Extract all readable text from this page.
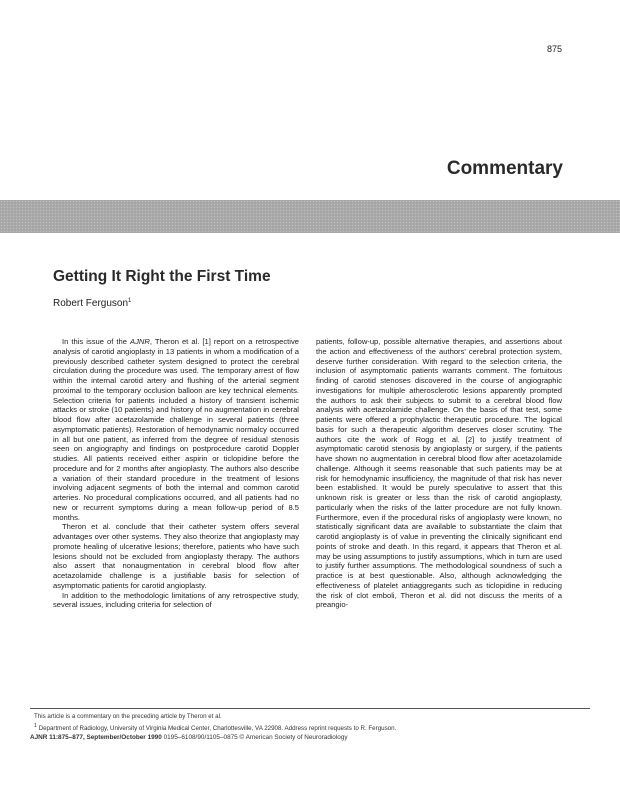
875
Commentary
Getting It Right the First Time
Robert Ferguson$^1$

In this issue of the AJNR, Theron et al. [1] report on a retrospective analysis of carotid angioplasty in 13 patients in whom a modification of a previously described catheter system designed to protect the cerebral circulation during the procedure was used. The temporary arrest of flow within the internal carotid artery and flushing of the arterial segment proximal to the temporary occlusion balloon are key technical elements. Selection criteria for patients included a history of transient ischemic attacks or stroke (10 patients) and history of no augmentation in cerebral blood flow after acetazolamide challenge in several patients (three asymptomatic patients). Restoration of hemodynamic normalcy occurred in all but one patient, as inferred from the degree of residual stenosis seen on angiography and findings on postprocedure carotid Doppler studies. All patients received either aspirin or ticlopidine before the procedure and for 2 months after angioplasty. The authors also describe a variation of their standard procedure in the treatment of lesions involving adjacent segments of both the internal and common carotid arteries. No procedural complications occurred, and all patients had no new or recurrent symptoms during a mean follow-up period of 8.5 months.

Theron et al. conclude that their catheter system offers several advantages over other systems. They also theorize that angioplasty may promote healing of ulcerative lesions; therefore, patients who have such lesions should not be excluded from angioplasty therapy. The authors also assert that nonaugmentation in cerebral blood flow after acetazolamide challenge is a justifiable basis for selection of asymptomatic patients for carotid angioplasty.

In addition to the methodologic limitations of any retrospective study, several issues, including criteria for selection of

patients, follow-up, possible alternative therapies, and assertions about the action and effectiveness of the authors' cerebral protection system, deserve further consideration. With regard to the selection criteria, the inclusion of asymptomatic patients warrants comment. The fortuitous finding of carotid stenoses discovered in the course of angiographic investigations for multiple atherosclerotic lesions apparently prompted the authors to ask their subjects to submit to a cerebral blood flow analysis with acetazolamide challenge. On the basis of that test, some patients were offered a prophylactic therapeutic procedure. The logical basis for such a therapeutic algorithm deserves closer scrutiny. The authors cite the work of Rogg et al. [2] to justify treatment of asymptomatic carotid stenosis by angioplasty or surgery, if the patients have shown no augmentation in cerebral blood flow after acetazolamide challenge. Although it seems reasonable that such patients may be at risk for hemodynamic insufficiency, the magnitude of that risk has never been established. It would be purely speculative to assert that this unknown risk is greater or less than the risk of carotid angioplasty, particularly when the risks of the latter procedure are not fully known. Furthermore, even if the procedural risks of angioplasty were known, no statistically significant data are available to substantiate the claim that carotid angioplasty is of value in preventing the clinically significant end points of stroke and death. In this regard, it appears that Theron et al. may be using assumptions to justify assumptions, which in turn are used to justify further assumptions. The methodological soundness of such a practice is at best questionable. Also, although acknowledging the effectiveness of platelet antiaggregants such as ticlopidine in reducing the risk of clot emboli, Theron et al. did not discuss the merits of a preangio-

This article is a commentary on the preceding article by Theron et al.
$^1$ Department of Radiology, University of Virginia Medical Center, Charlottesville, VA 22908. Address reprint requests to R. Ferguson.
AJNR 11:875–877, September/October 1990 0195–6108/90/1105–0875 © American Society of Neuroradiology
